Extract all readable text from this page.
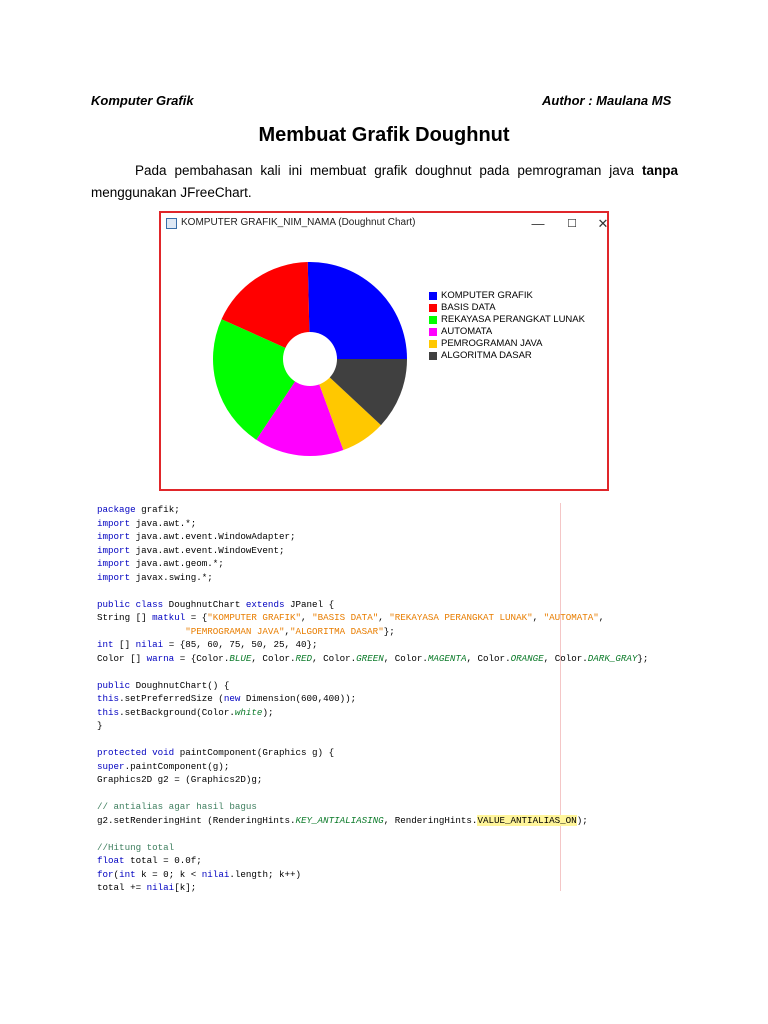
Komputer Grafik	Author : Maulana MS
Membuat Grafik Doughnut
Pada pembahasan kali ini membuat grafik doughnut pada pemrograman java tanpa menggunakan JFreeChart.
KOMPUTER GRAFIK_NIM_NAMA (Doughnut Chart)	—	☐	✕
KOMPUTER GRAFIK
BASIS DATA
REKAYASA PERANGKAT LUNAK
AUTOMATA
PEMROGRAMAN JAVA
ALGORITMA DASAR
package grafik;
import java.awt.*;
import java.awt.event.WindowAdapter;
import java.awt.event.WindowEvent;
import java.awt.geom.*;
import javax.swing.*;

public class DoughnutChart extends JPanel {
String [] matkul = {"KOMPUTER GRAFIK", "BASIS DATA", "REKAYASA PERANGKAT LUNAK", "AUTOMATA",
"PEMROGRAMAN JAVA","ALGORITMA DASAR"};
int [] nilai = {85, 60, 75, 50, 25, 40};
Color [] warna = {Color.BLUE, Color.RED, Color.GREEN, Color.MAGENTA, Color.ORANGE, Color.DARK_GRAY};

public DoughnutChart() {
this.setPreferredSize (new Dimension(600,400));
this.setBackground(Color.white);
}

protected void paintComponent(Graphics g) {
super.paintComponent(g);
Graphics2D g2 = (Graphics2D)g;

// antialias agar hasil bagus
g2.setRenderingHint (RenderingHints.KEY_ANTIALIASING, RenderingHints.VALUE_ANTIALIAS_ON);

//Hitung total
float total = 0.0f;
for(int k = 0; k < nilai.length; k++)
total += nilai[k];
